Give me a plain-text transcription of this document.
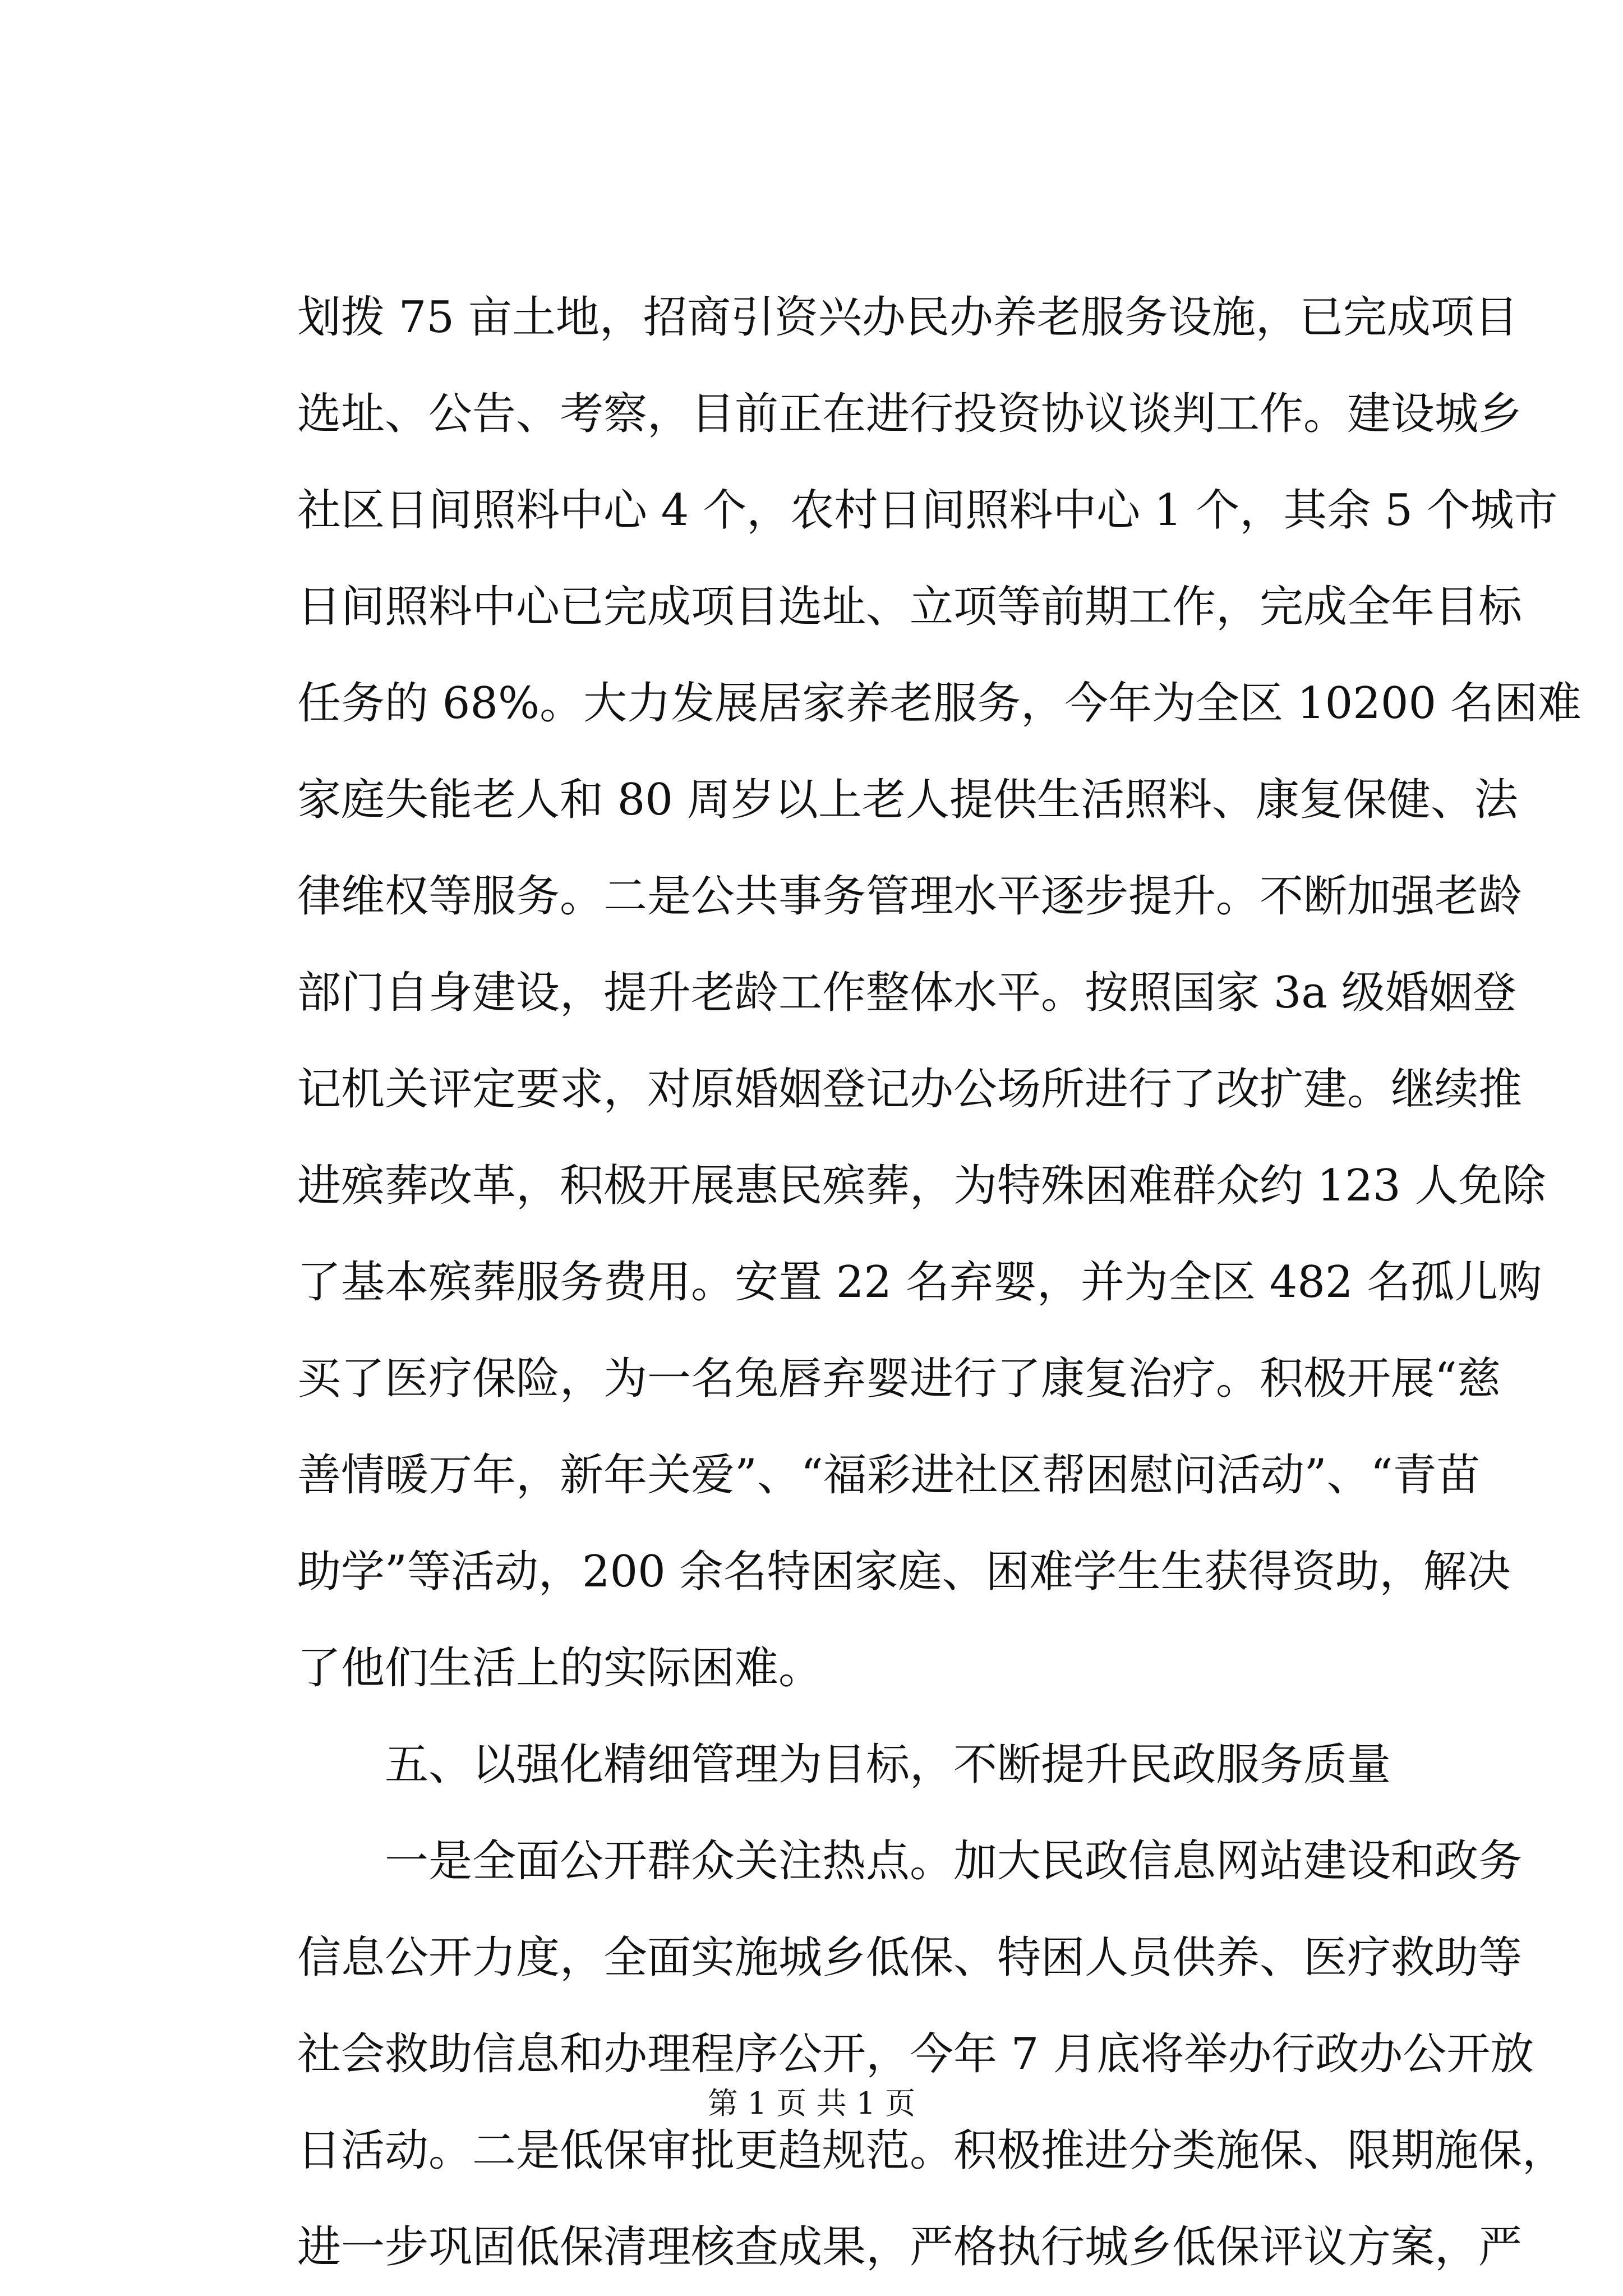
划拨 75 亩土地，招商引资兴办民办养老服务设施，已完成项目
选址、公告、考察，目前正在进行投资协议谈判工作。建设城乡
社区日间照料中心 4 个，农村日间照料中心 1 个，其余 5 个城市
日间照料中心已完成项目选址、立项等前期工作，完成全年目标
任务的 68%。大力发展居家养老服务，今年为全区 10200 名困难
家庭失能老人和 80 周岁以上老人提供生活照料、康复保健、法
律维权等服务。二是公共事务管理水平逐步提升。不断加强老龄
部门自身建设，提升老龄工作整体水平。按照国家 3a 级婚姻登
记机关评定要求，对原婚姻登记办公场所进行了改扩建。继续推
进殡葬改革，积极开展惠民殡葬，为特殊困难群众约 123 人免除
了基本殡葬服务费用。安置 22 名弃婴，并为全区 482 名孤儿购
买了医疗保险，为一名兔唇弃婴进行了康复治疗。积极开展“慈
善情暖万年，新年关爱”、“福彩进社区帮困慰问活动”、“青苗
助学”等活动，200 余名特困家庭、困难学生生获得资助，解决
了他们生活上的实际困难。
五、以强化精细管理为目标，不断提升民政服务质量
一是全面公开群众关注热点。加大民政信息网站建设和政务
信息公开力度，全面实施城乡低保、特困人员供养、医疗救助等
社会救助信息和办理程序公开，今年 7 月底将举办行政办公开放
日活动。二是低保审批更趋规范。积极推进分类施保、限期施保，
进一步巩固低保清理核查成果，严格执行城乡低保评议方案，严
第 1 页 共 1 页
